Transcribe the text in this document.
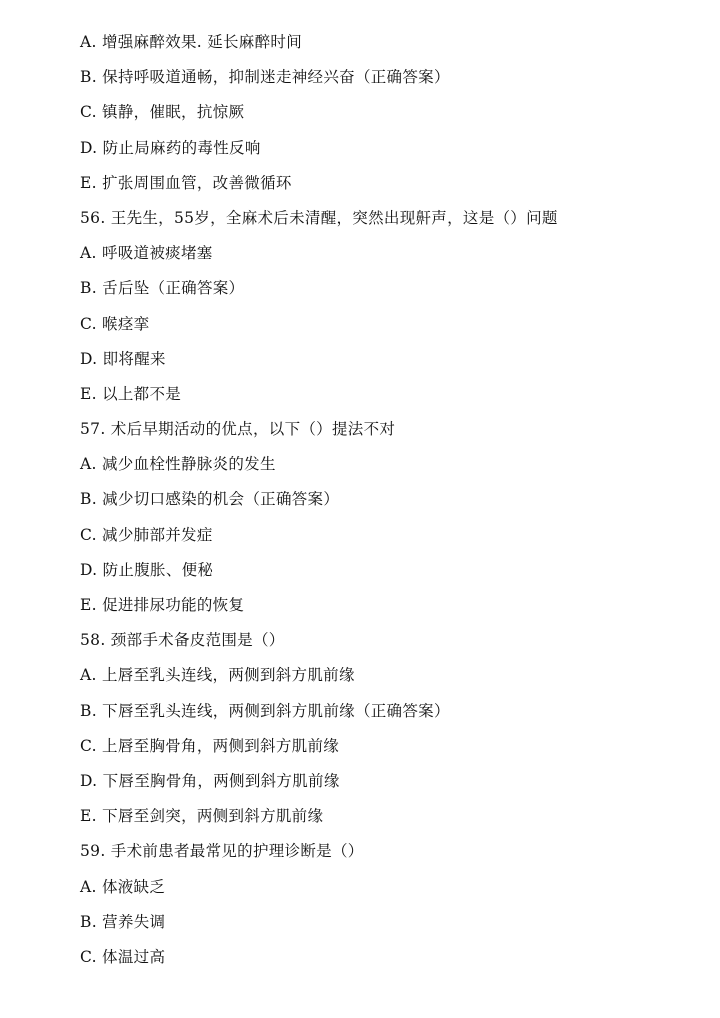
A. 增强麻醉效果. 延长麻醉时间
B. 保持呼吸道通畅，抑制迷走神经兴奋（正确答案）
C. 镇静，催眠，抗惊厥
D. 防止局麻药的毒性反响
E. 扩张周围血管，改善微循环
56. 王先生，55岁，全麻术后未清醒，突然出现鼾声，这是（）问题
A. 呼吸道被痰堵塞
B. 舌后坠（正确答案）
C. 喉痉挛
D. 即将醒来
E. 以上都不是
57. 术后早期活动的优点，以下（）提法不对
A. 减少血栓性静脉炎的发生
B. 减少切口感染的机会（正确答案）
C. 减少肺部并发症
D. 防止腹胀、便秘
E. 促进排尿功能的恢复
58. 颈部手术备皮范围是（）
A. 上唇至乳头连线，两侧到斜方肌前缘
B. 下唇至乳头连线，两侧到斜方肌前缘（正确答案）
C. 上唇至胸骨角，两侧到斜方肌前缘
D. 下唇至胸骨角，两侧到斜方肌前缘
E. 下唇至剑突，两侧到斜方肌前缘
59. 手术前患者最常见的护理诊断是（）
A. 体液缺乏
B. 营养失调
C. 体温过高
